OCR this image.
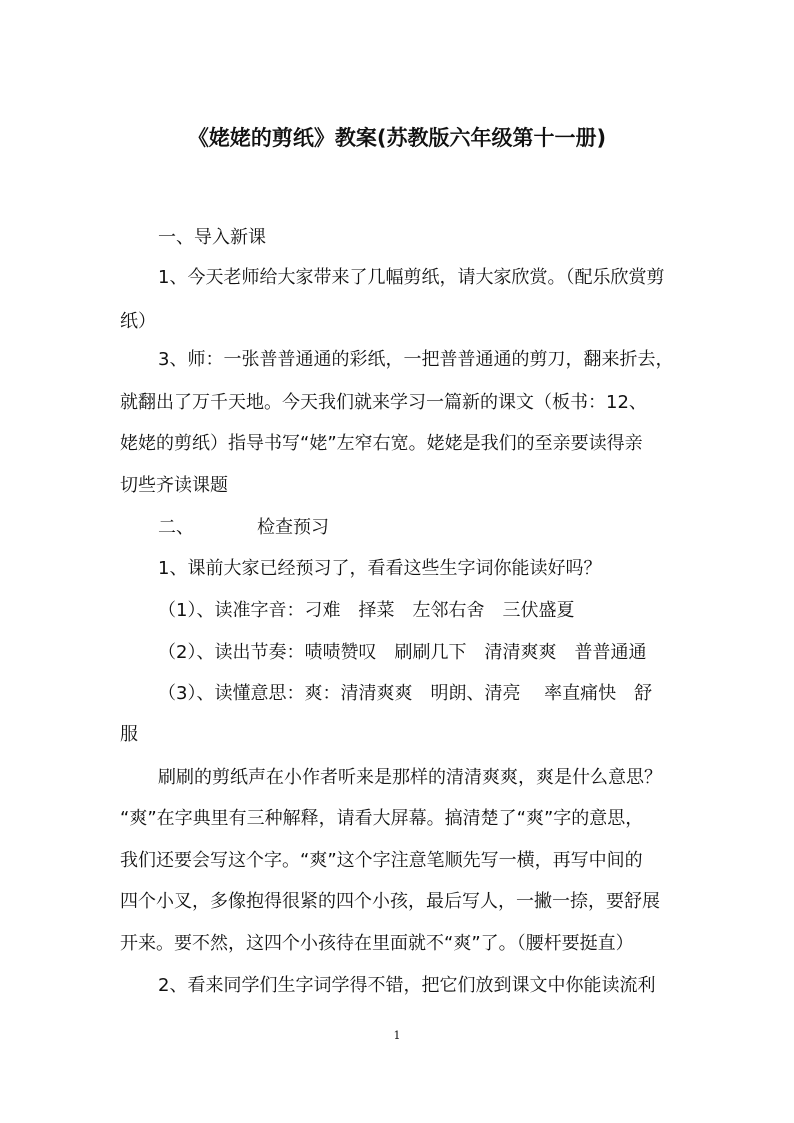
《姥姥的剪纸》教案(苏教版六年级第十一册)
一、导入新课
1、今天老师给大家带来了几幅剪纸，请大家欣赏。（配乐欣赏剪
纸）
3、师：一张普普通通的彩纸，一把普普通通的剪刀，翻来折去，
就翻出了万千天地。今天我们就来学习一篇新的课文（板书：12、
姥姥的剪纸）指导书写“姥”左窄右宽。姥姥是我们的至亲要读得亲
切些齐读课题
二、　　　　检查预习
1、课前大家已经预习了，看看这些生字词你能读好吗？
（1）、读准字音：刁难　择菜　左邻右舍　三伏盛夏
（2）、读出节奏：啧啧赞叹　刷刷几下　清清爽爽　普普通通
（3）、读懂意思：爽：清清爽爽　明朗、清亮　 率直痛快　舒
服
刷刷的剪纸声在小作者听来是那样的清清爽爽，爽是什么意思？
“爽”在字典里有三种解释，请看大屏幕。搞清楚了“爽”字的意思，
我们还要会写这个字。“爽”这个字注意笔顺先写一横，再写中间的
四个小叉，多像抱得很紧的四个小孩，最后写人，一撇一捺，要舒展
开来。要不然，这四个小孩待在里面就不“爽”了。（腰杆要挺直）
2、看来同学们生字词学得不错，把它们放到课文中你能读流利
1
